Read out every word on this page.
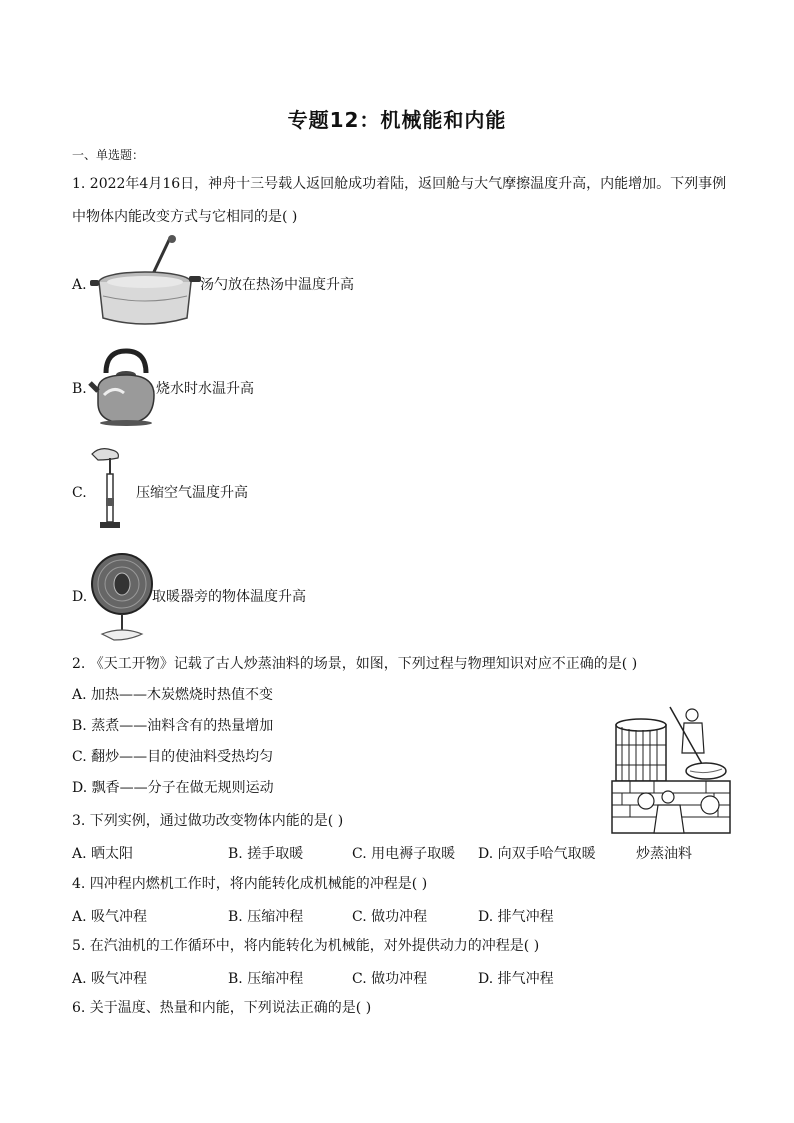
专题12：机械能和内能
一、单选题：
1. 2022年4月16日，神舟十三号载人返回舱成功着陆，返回舱与大气摩擦温度升高，内能增加。下列事例
中物体内能改变方式与它相同的是( )
A.	汤勺放在热汤中温度升高
B.	烧水时水温升高
C.	压缩空气温度升高
D.	取暖器旁的物体温度升高
2. 《天工开物》记载了古人炒蒸油料的场景，如图，下列过程与物理知识对应不正确的是( )
A. 加热——木炭燃烧时热值不变
B. 蒸煮——油料含有的热量增加
C. 翻炒——目的使油料受热均匀
D. 飘香——分子在做无规则运动
炒蒸油料
3. 下列实例，通过做功改变物体内能的是( )
A. 晒太阳	B. 搓手取暖	C. 用电褥子取暖 D. 向双手哈气取暖
4. 四冲程内燃机工作时，将内能转化成机械能的冲程是( )
A. 吸气冲程	B. 压缩冲程	C. 做功冲程	D. 排气冲程
5. 在汽油机的工作循环中，将内能转化为机械能，对外提供动力的冲程是( )
A. 吸气冲程	B. 压缩冲程	C. 做功冲程	D. 排气冲程
6. 关于温度、热量和内能，下列说法正确的是( )
